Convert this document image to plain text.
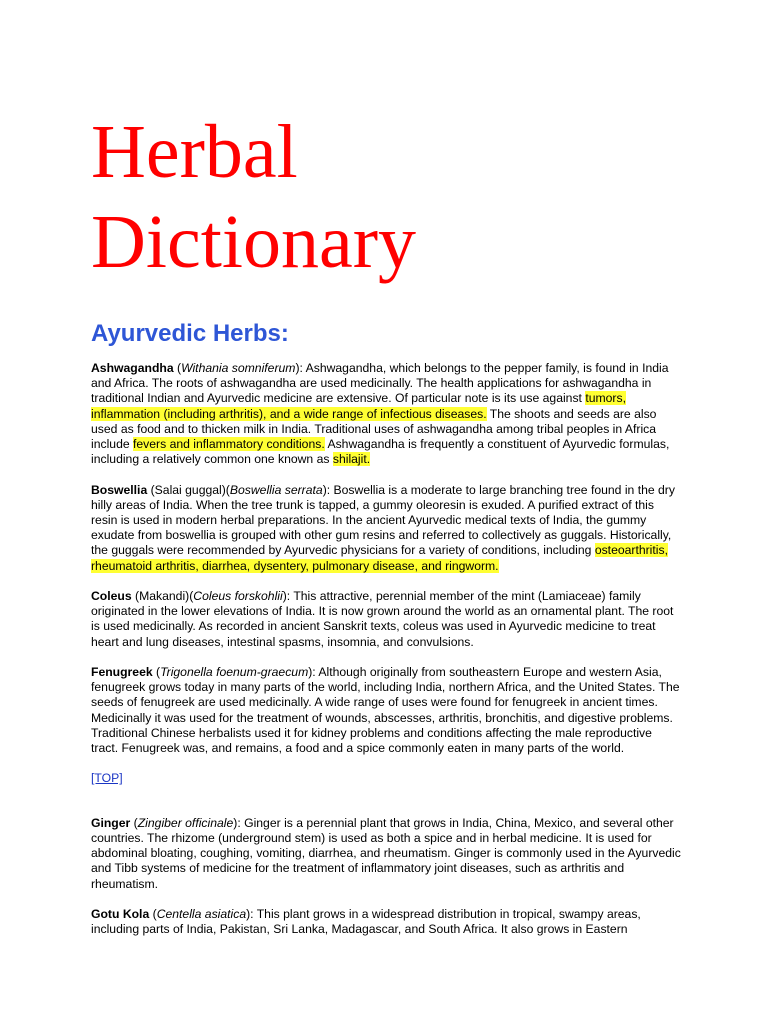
Herbal
Dictionary
Ayurvedic Herbs:

Ashwagandha (Withania somniferum): Ashwagandha, which belongs to the pepper family, is found in India and Africa. The roots of ashwagandha are used medicinally. The health applications for ashwagandha in traditional Indian and Ayurvedic medicine are extensive. Of particular note is its use against tumors, inflammation (including arthritis), and a wide range of infectious diseases. The shoots and seeds are also used as food and to thicken milk in India. Traditional uses of ashwagandha among tribal peoples in Africa include fevers and inflammatory conditions. Ashwagandha is frequently a constituent of Ayurvedic formulas, including a relatively common one known as shilajit.

Boswellia (Salai guggal)(Boswellia serrata): Boswellia is a moderate to large branching tree found in the dry hilly areas of India. When the tree trunk is tapped, a gummy oleoresin is exuded. A purified extract of this resin is used in modern herbal preparations. In the ancient Ayurvedic medical texts of India, the gummy exudate from boswellia is grouped with other gum resins and referred to collectively as guggals. Historically, the guggals were recommended by Ayurvedic physicians for a variety of conditions, including osteoarthritis, rheumatoid arthritis, diarrhea, dysentery, pulmonary disease, and ringworm.

Coleus (Makandi)(Coleus forskohlii): This attractive, perennial member of the mint (Lamiaceae) family originated in the lower elevations of India. It is now grown around the world as an ornamental plant. The root is used medicinally. As recorded in ancient Sanskrit texts, coleus was used in Ayurvedic medicine to treat heart and lung diseases, intestinal spasms, insomnia, and convulsions.

Fenugreek (Trigonella foenum-graecum): Although originally from southeastern Europe and western Asia, fenugreek grows today in many parts of the world, including India, northern Africa, and the United States. The seeds of fenugreek are used medicinally. A wide range of uses were found for fenugreek in ancient times. Medicinally it was used for the treatment of wounds, abscesses, arthritis, bronchitis, and digestive problems. Traditional Chinese herbalists used it for kidney problems and conditions affecting the male reproductive tract. Fenugreek was, and remains, a food and a spice commonly eaten in many parts of the world.

[TOP]

Ginger (Zingiber officinale): Ginger is a perennial plant that grows in India, China, Mexico, and several other countries. The rhizome (underground stem) is used as both a spice and in herbal medicine. It is used for abdominal bloating, coughing, vomiting, diarrhea, and rheumatism. Ginger is commonly used in the Ayurvedic and Tibb systems of medicine for the treatment of inflammatory joint diseases, such as arthritis and rheumatism.

Gotu Kola (Centella asiatica): This plant grows in a widespread distribution in tropical, swampy areas, including parts of India, Pakistan, Sri Lanka, Madagascar, and South Africa. It also grows in Eastern
